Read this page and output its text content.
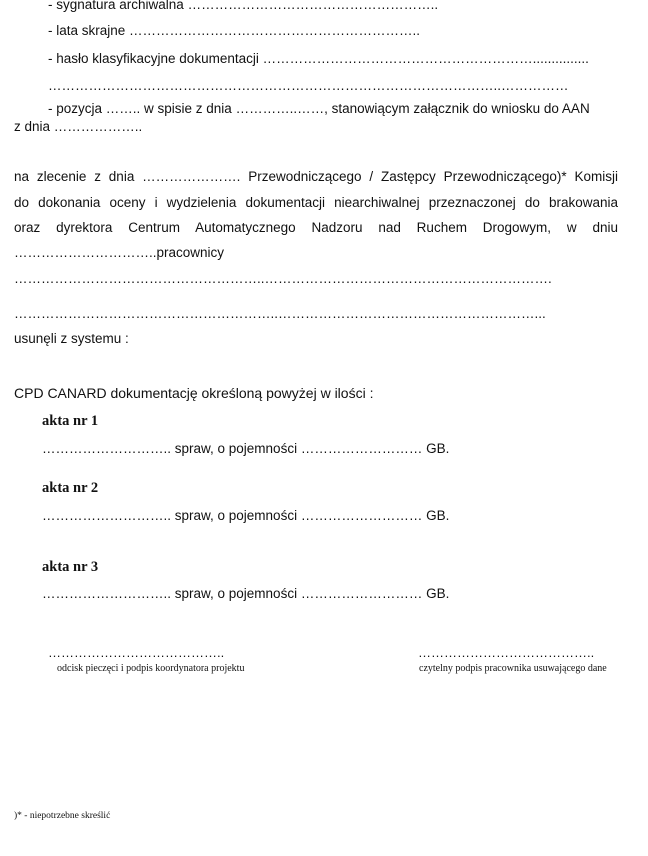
- sygnatura archiwalna ………………………………………………..
- lata skrajne ………………………………………………………..
- hasło klasyfikacyjne dokumentacji ……………………………………………………...............
………………………………………………………………………………………..……………
- pozycja …….. w spisie z dnia …………..……, stanowiącym załącznik do wniosku do AAN
z dnia ………………..
na zlecenie z dnia …………………. Przewodniczącego / Zastępcy Przewodniczącego)* Komisji
do dokonania oceny i wydzielenia dokumentacji niearchiwalnej przeznaczonej do brakowania
oraz dyrektora Centrum Automatycznego Nadzoru nad Ruchem Drogowym, w dniu
…………………………..pracownicy
………………………………………………..……………………………………………………….
…………………………………………………..…………………………………………………...
usunęli z systemu :
CPD CANARD dokumentację określoną powyżej w ilości :
akta nr 1
……………………….. spraw, o pojemności ……………………… GB.
akta nr 2
……………………….. spraw, o pojemności ……………………… GB.
akta nr 3
……………………….. spraw, o pojemności ……………………… GB.
…………………………………..
odcisk pieczęci i podpis koordynatora projektu
…………………………………..
czytelny podpis pracownika usuwającego dane
)* - niepotrzebne skreślić
